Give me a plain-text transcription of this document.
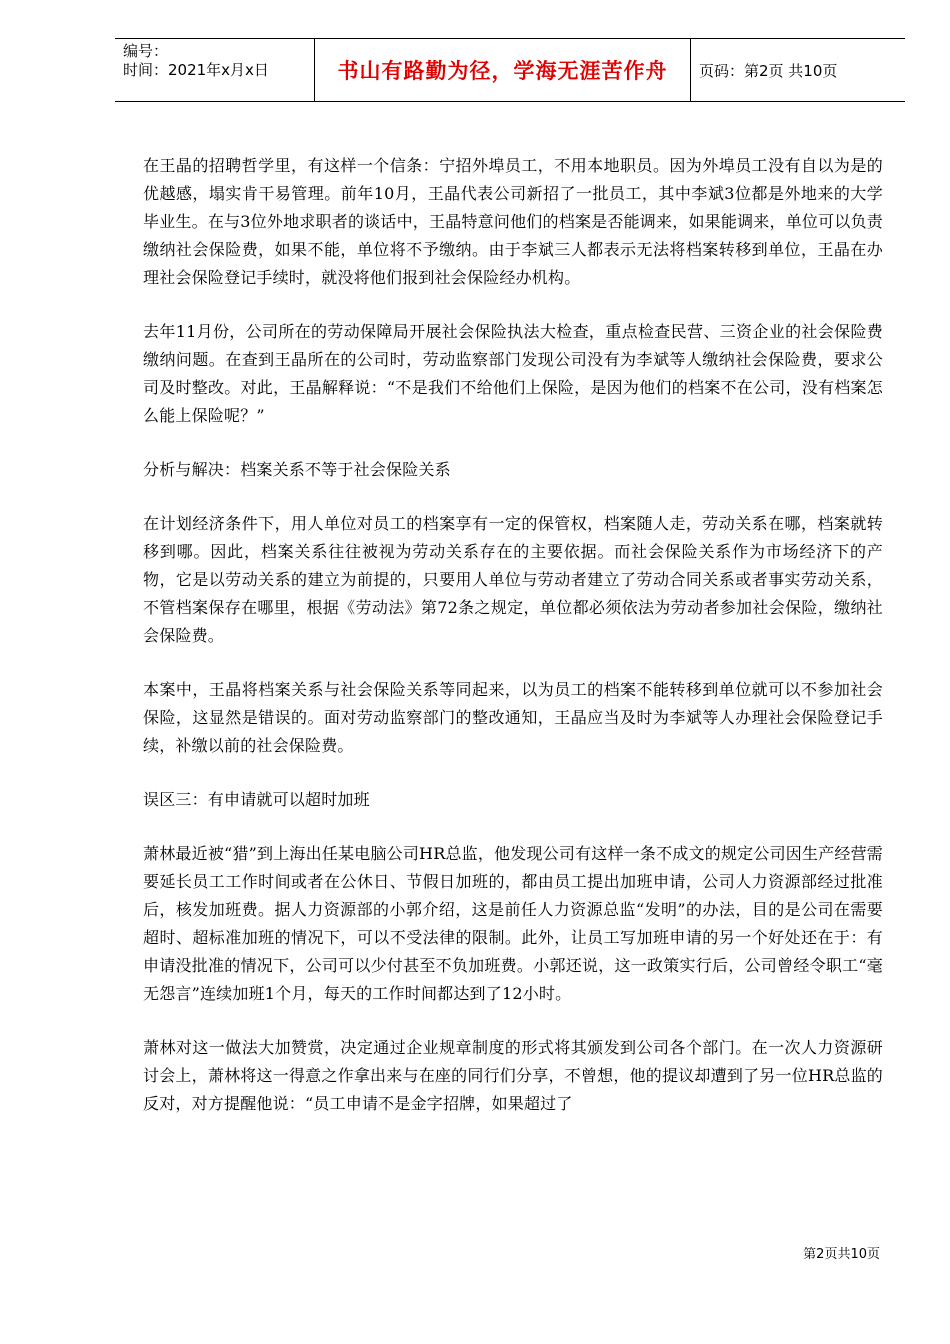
编号：
时间：2021年x月x日	书山有路勤为径，学海无涯苦作舟 页码：第2页 共10页

在王晶的招聘哲学里，有这样一个信条：宁招外埠员工，不用本地职员。因为外埠员工没有自以为是的优越感，塌实肯干易管理。前年10月，王晶代表公司新招了一批员工，其中李斌3位都是外地来的大学毕业生。在与3位外地求职者的谈话中，王晶特意问他们的档案是否能调来，如果能调来，单位可以负责缴纳社会保险费，如果不能，单位将不予缴纳。由于李斌三人都表示无法将档案转移到单位，王晶在办理社会保险登记手续时，就没将他们报到社会保险经办机构。

去年11月份，公司所在的劳动保障局开展社会保险执法大检查，重点检查民营、三资企业的社会保险费缴纳问题。在查到王晶所在的公司时，劳动监察部门发现公司没有为李斌等人缴纳社会保险费，要求公司及时整改。对此，王晶解释说：“不是我们不给他们上保险，是因为他们的档案不在公司，没有档案怎么能上保险呢？”

分析与解决：档案关系不等于社会保险关系

在计划经济条件下，用人单位对员工的档案享有一定的保管权，档案随人走，劳动关系在哪，档案就转移到哪。因此，档案关系往往被视为劳动关系存在的主要依据。而社会保险关系作为市场经济下的产物，它是以劳动关系的建立为前提的，只要用人单位与劳动者建立了劳动合同关系或者事实劳动关系，不管档案保存在哪里，根据《劳动法》第72条之规定，单位都必须依法为劳动者参加社会保险，缴纳社会保险费。

本案中，王晶将档案关系与社会保险关系等同起来，以为员工的档案不能转移到单位就可以不参加社会保险，这显然是错误的。面对劳动监察部门的整改通知，王晶应当及时为李斌等人办理社会保险登记手续，补缴以前的社会保险费。

误区三：有申请就可以超时加班

萧林最近被“猎”到上海出任某电脑公司HR总监，他发现公司有这样一条不成文的规定公司因生产经营需要延长员工工作时间或者在公休日、节假日加班的，都由员工提出加班申请，公司人力资源部经过批准后，核发加班费。据人力资源部的小郭介绍，这是前任人力资源总监“发明”的办法，目的是公司在需要超时、超标准加班的情况下，可以不受法律的限制。此外，让员工写加班申请的另一个好处还在于：有申请没批准的情况下，公司可以少付甚至不负加班费。小郭还说，这一政策实行后，公司曾经令职工“毫无怨言”连续加班1个月，每天的工作时间都达到了12小时。

萧林对这一做法大加赞赏，决定通过企业规章制度的形式将其颁发到公司各个部门。在一次人力资源研讨会上，萧林将这一得意之作拿出来与在座的同行们分享，不曾想，他的提议却遭到了另一位HR总监的反对，对方提醒他说：“员工申请不是金字招牌，如果超过了

第2页共10页
